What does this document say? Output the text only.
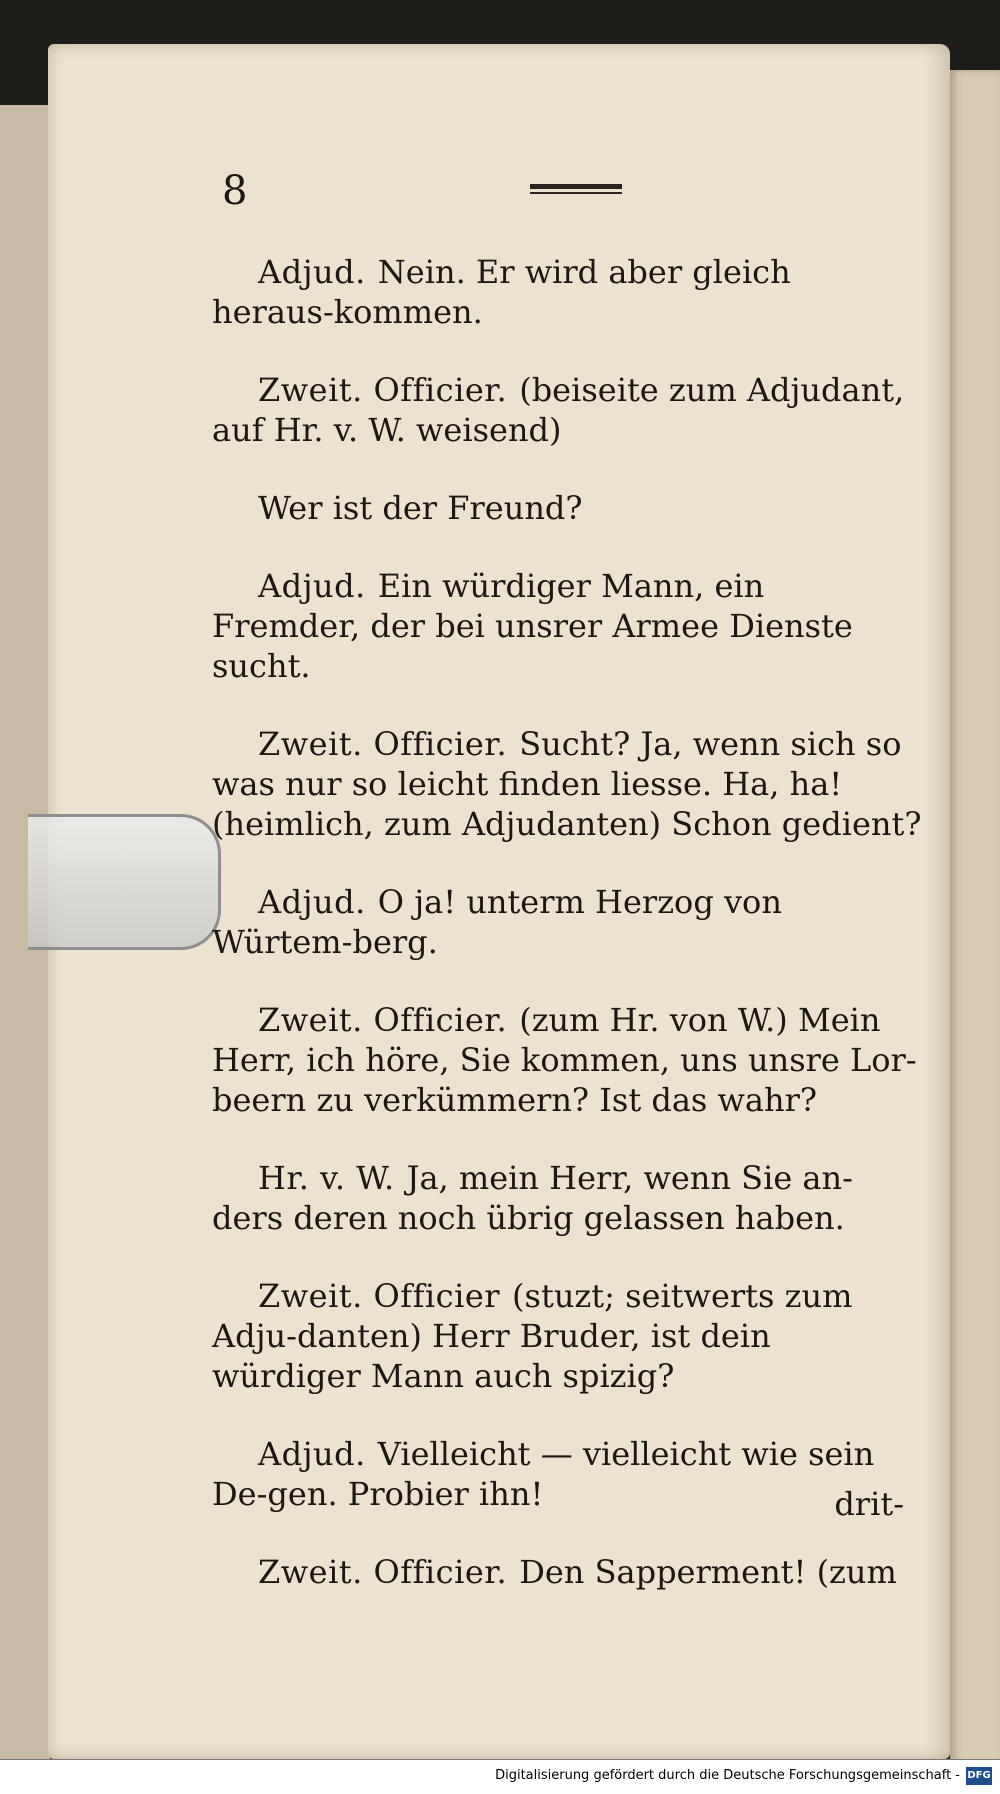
8

Adjud. Nein. Er wird aber gleich heraus-kommen.

Zweit. Officier. (beiseite zum Adjudant, auf Hr. v. W. weisend)

Wer ist der Freund?

Adjud. Ein würdiger Mann, ein Fremder, der bei unsrer Armee Dienste sucht.

Zweit. Officier. Sucht? Ja, wenn sich so was nur so leicht finden liesse. Ha, ha! (heimlich, zum Adjudanten) Schon gedient?

Adjud. O ja! unterm Herzog von Würtem-berg.

Zweit. Officier. (zum Hr. von W.) Mein Herr, ich höre, Sie kommen, uns unsre Lor-beern zu verkümmern? Ist das wahr?

Hr. v. W. Ja, mein Herr, wenn Sie an-ders deren noch übrig gelassen haben.

Zweit. Officier (stuzt; seitwerts zum Adju-danten) Herr Bruder, ist dein würdiger Mann auch spizig?

Adjud. Vielleicht — vielleicht wie sein De-gen. Probier ihn!

Zweit. Officier. Den Sapperment! (zum

drit-
Digitalisierung gefördert durch die Deutsche Forschungsgemeinschaft - DFG
